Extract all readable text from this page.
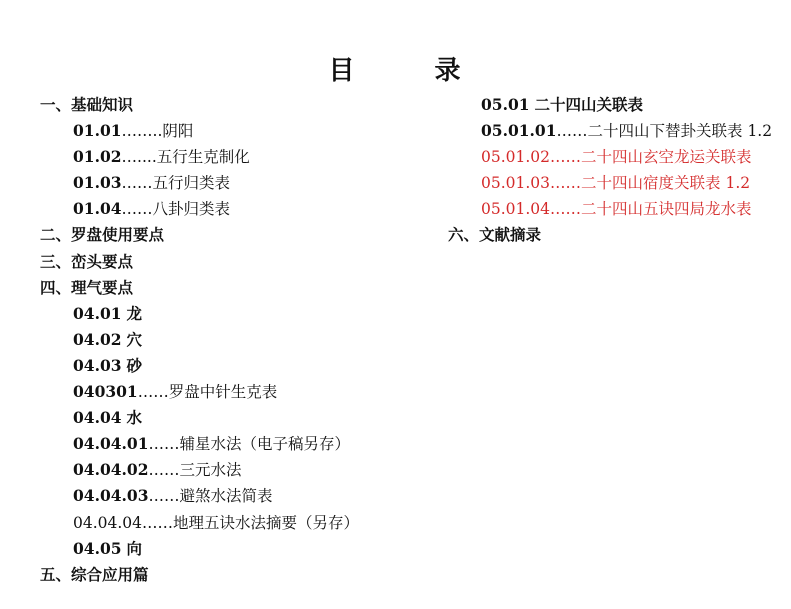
目	录
一、基础知识
01.01……..阴阳
01.02…....五行生克制化
01.03……五行归类表
01.04……八卦归类表
二、罗盘使用要点
三、峦头要点
四、理气要点
04.01 龙
04.02 穴
04.03 砂
040301……罗盘中针生克表
04.04 水
04.04.01……辅星水法（电子稿另存）
04.04.02……三元水法
04.04.03……避煞水法简表
04.04.04……地理五诀水法摘要（另存）
04.05 向
五、综合应用篇
05.01 二十四山关联表
05.01.01……二十四山下替卦关联表 1.2
05.01.02……二十四山玄空龙运关联表
05.01.03……二十四山宿度关联表 1.2
05.01.04……二十四山五诀四局龙水表
六、文献摘录
